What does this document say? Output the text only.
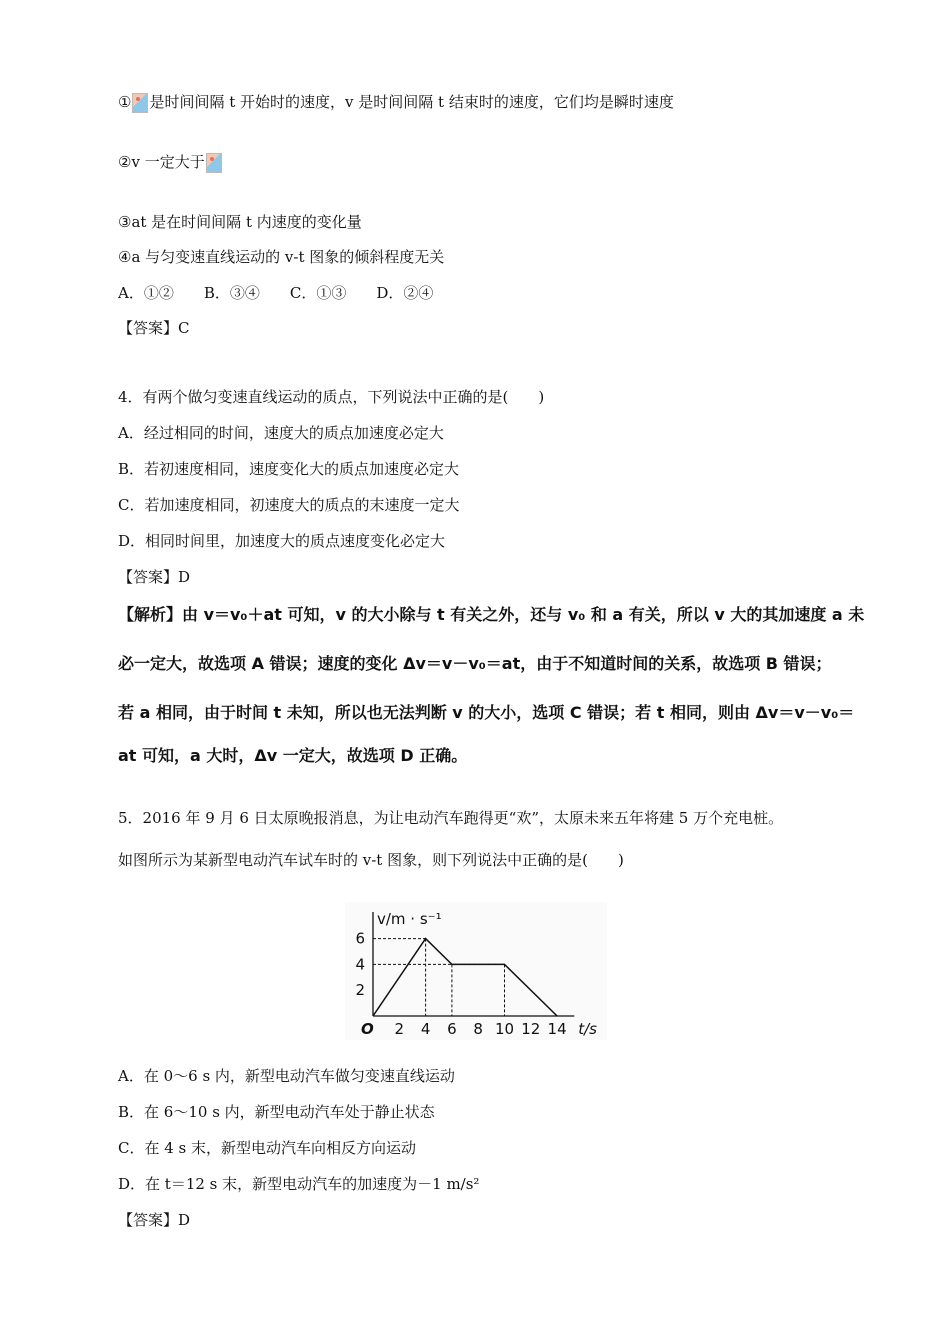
① 是时间间隔 t 开始时的速度，v 是时间间隔 t 结束时的速度，它们均是瞬时速度
②v 一定大于
③at 是在时间间隔 t 内速度的变化量
④a 与匀变速直线运动的 v-t 图象的倾斜程度无关
A．①②　　B．③④　　C．①③　　D．②④
【答案】C
4．有两个做匀变速直线运动的质点，下列说法中正确的是(　　)
A．经过相同的时间，速度大的质点加速度必定大
B．若初速度相同，速度变化大的质点加速度必定大
C．若加速度相同，初速度大的质点的末速度一定大
D．相同时间里，加速度大的质点速度变化必定大
【答案】D
【解析】由 v＝v₀＋at 可知，v 的大小除与 t 有关之外，还与 v₀ 和 a 有关，所以 v 大的其加速度 a 未
必一定大，故选项 A 错误；速度的变化 Δv＝v－v₀＝at，由于不知道时间的关系，故选项 B 错误；
若 a 相同，由于时间 t 未知，所以也无法判断 v 的大小，选项 C 错误；若 t 相同，则由 Δv＝v－v₀＝
at 可知，a 大时，Δv 一定大，故选项 D 正确。
5．2016 年 9 月 6 日太原晚报消息，为让电动汽车跑得更“欢”，太原未来五年将建 5 万个充电桩。
如图所示为某新型电动汽车试车时的 v-t 图象，则下列说法中正确的是(　　)
2 4 6 8 10 12 14
2
4
6
O
v/m · s⁻¹
t/s
A．在 0～6 s 内，新型电动汽车做匀变速直线运动
B．在 6～10 s 内，新型电动汽车处于静止状态
C．在 4 s 末，新型电动汽车向相反方向运动
D．在 t＝12 s 末，新型电动汽车的加速度为－1 m/s²
【答案】D
